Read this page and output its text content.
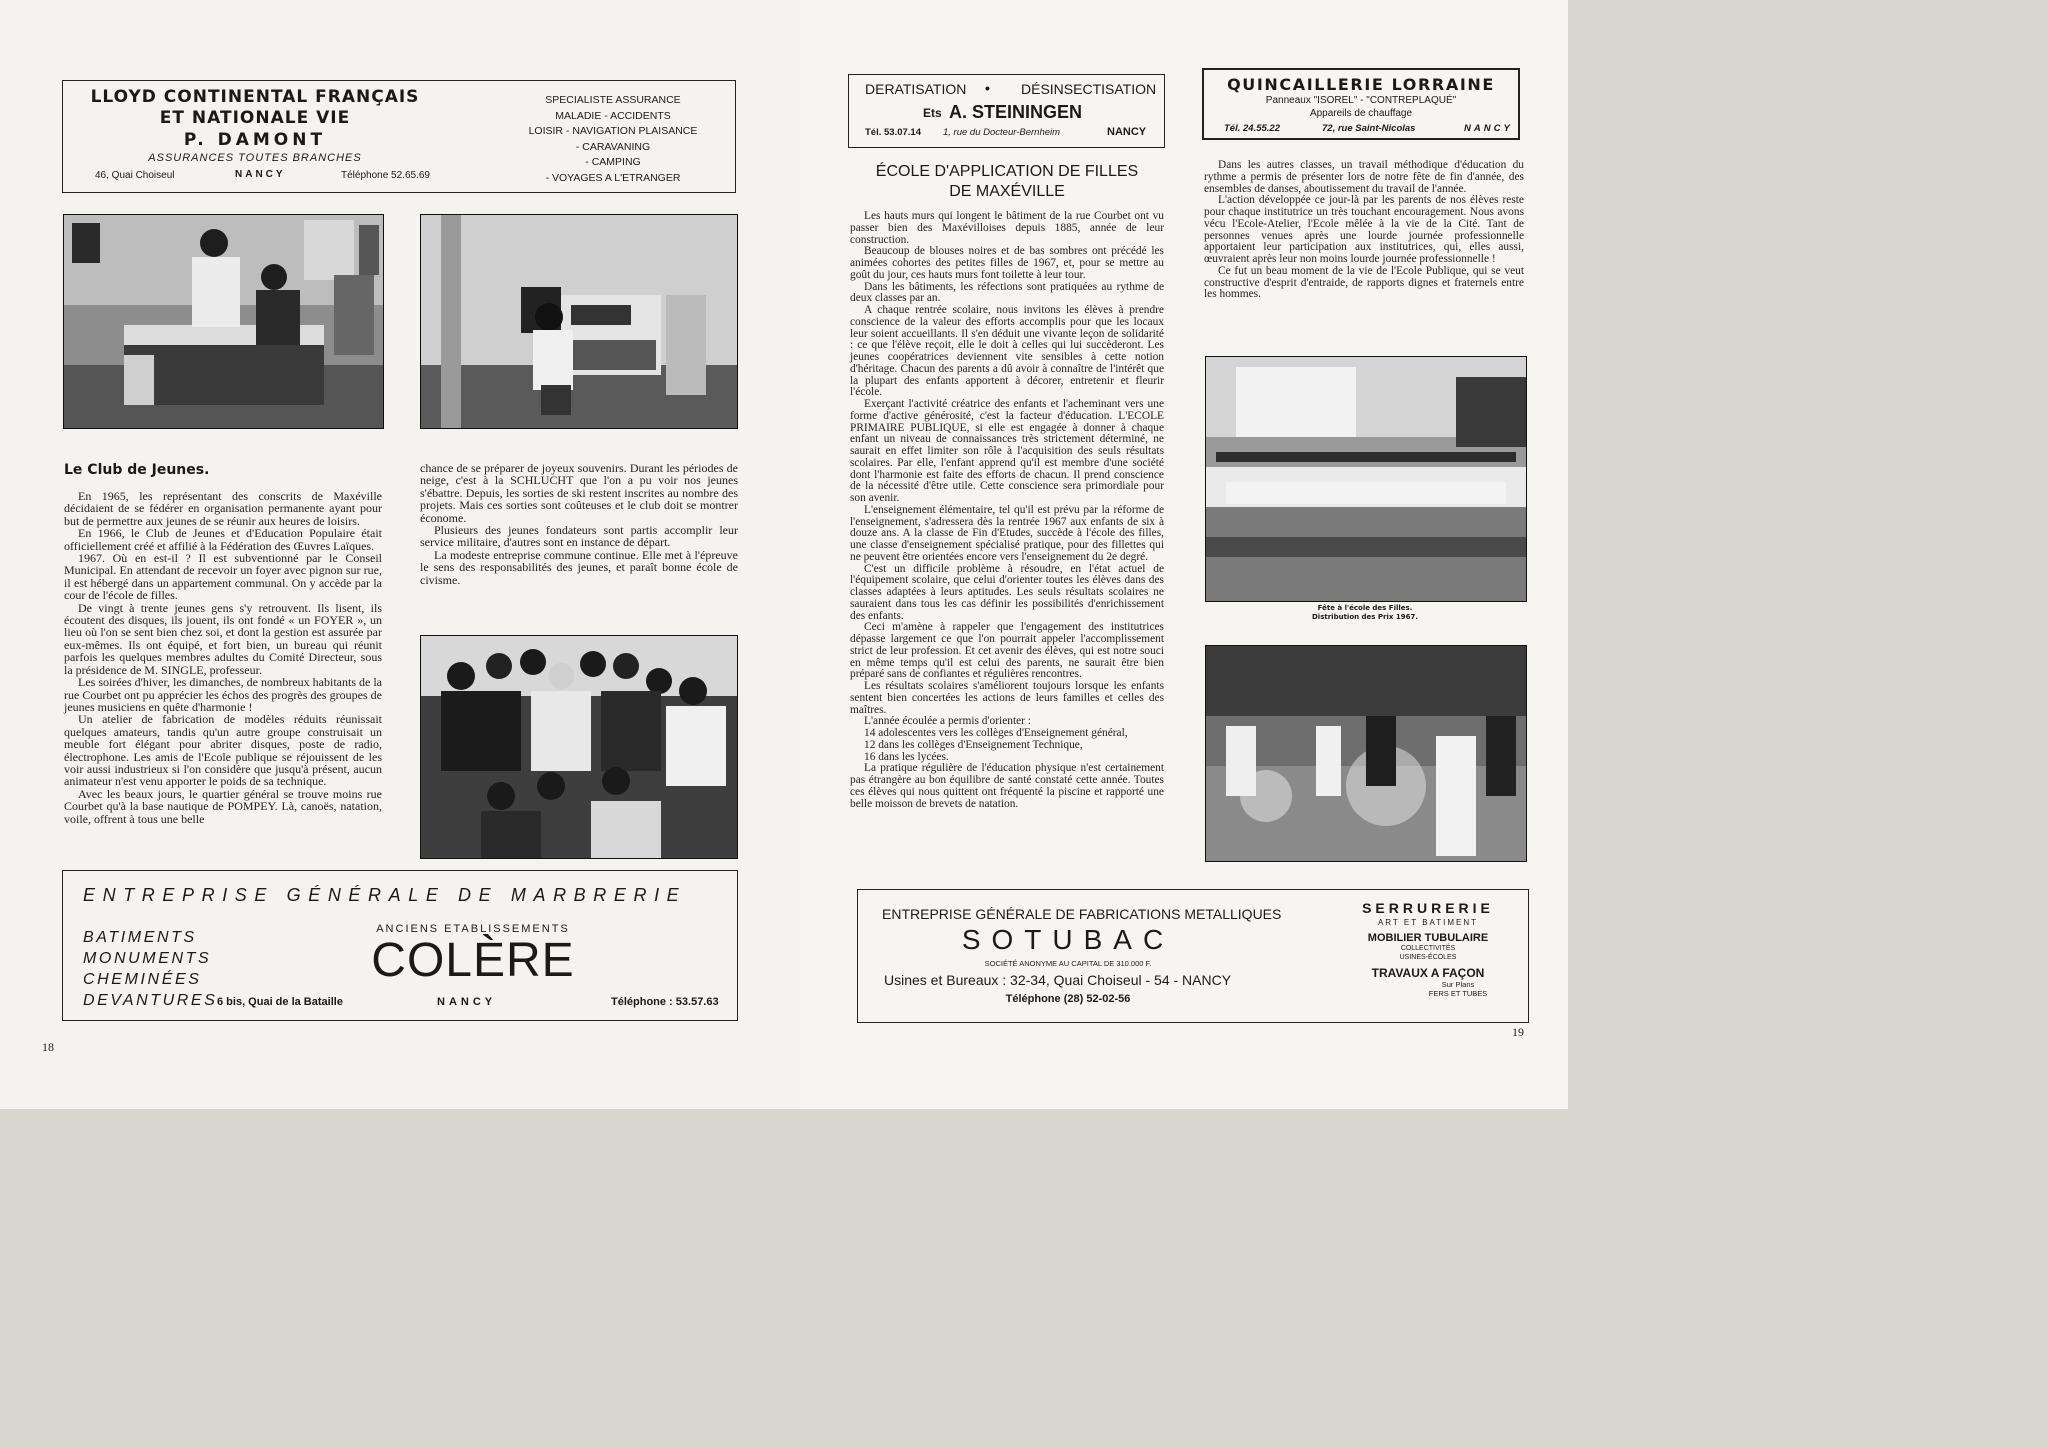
LLOYD CONTINENTAL FRANÇAIS
ET NATIONALE VIE
P. DAMONT
ASSURANCES TOUTES BRANCHES
46, Quai Choiseul	NANCY	Téléphone 52.65.69
SPECIALISTE ASSURANCE
MALADIE - ACCIDENTS
LOISIR - NAVIGATION PLAISANCE
- CARAVANING
- CAMPING
- VOYAGES A L'ETRANGER
Le Club de Jeunes.

En 1965, les représentant des conscrits de Maxéville décidaient de se fédérer en organisation permanente ayant pour but de permettre aux jeunes de se réunir aux heures de loisirs.

En 1966, le Club de Jeunes et d'Education Populaire était officiellement créé et affilié à la Fédération des Œuvres Laïques.

1967. Où en est-il ? Il est subventionné par le Conseil Municipal. En attendant de recevoir un foyer avec pignon sur rue, il est hébergé dans un appartement communal. On y accède par la cour de l'école de filles.

De vingt à trente jeunes gens s'y retrouvent. Ils lisent, ils écoutent des disques, ils jouent, ils ont fondé « un FOYER », un lieu où l'on se sent bien chez soi, et dont la gestion est assurée par eux-mêmes. Ils ont équipé, et fort bien, un bureau qui réunit parfois les quelques membres adultes du Comité Directeur, sous la présidence de M. SINGLE, professeur.

Les soirées d'hiver, les dimanches, de nombreux habitants de la rue Courbet ont pu apprécier les échos des progrès des groupes de jeunes musiciens en quête d'harmonie !

Un atelier de fabrication de modèles réduits réunissait quelques amateurs, tandis qu'un autre groupe construisait un meuble fort élégant pour abriter disques, poste de radio, électrophone. Les amis de l'Ecole publique se réjouissent de les voir aussi industrieux si l'on considère que jusqu'à présent, aucun animateur n'est venu apporter le poids de sa technique.

Avec les beaux jours, le quartier général se trouve moins rue Courbet qu'à la base nautique de POMPEY. Là, canoës, natation, voile, offrent à tous une belle

chance de se préparer de joyeux souvenirs. Durant les périodes de neige, c'est à la SCHLUCHT que l'on a pu voir nos jeunes s'ébattre. Depuis, les sorties de ski restent inscrites au nombre des projets. Mais ces sorties sont coûteuses et le club doit se montrer économe.

Plusieurs des jeunes fondateurs sont partis accomplir leur service militaire, d'autres sont en instance de départ.

La modeste entreprise commune continue. Elle met à l'épreuve le sens des responsabilités des jeunes, et paraît bonne école de civisme.

ENTREPRISE GÉNÉRALE DE MARBRERIE
BATIMENTS
MONUMENTS
CHEMINÉES
DEVANTURES
ANCIENS ETABLISSEMENTS
COLÈRE
6 bis, Quai de la Bataille	NANCY	Téléphone : 53.57.63
18
DERATISATION • DÉSINSECTISATION
Ets A. STEININGEN
Tél. 53.07.14 1, rue du Docteur-Bernheim	NANCY
QUINCAILLERIE LORRAINE
Panneaux "ISOREL" - "CONTREPLAQUÉ"
Appareils de chauffage
Tél. 24.55.22	72, rue Saint-Nicolas	NANCY
ÉCOLE D'APPLICATION DE FILLES
DE MAXÉVILLE

Les hauts murs qui longent le bâtiment de la rue Courbet ont vu passer bien des Maxévilloises depuis 1885, année de leur construction.

Beaucoup de blouses noires et de bas sombres ont précédé les animées cohortes des petites filles de 1967, et, pour se mettre au goût du jour, ces hauts murs font toilette à leur tour.

Dans les bâtiments, les réfections sont pratiquées au rythme de deux classes par an.

A chaque rentrée scolaire, nous invitons les élèves à prendre conscience de la valeur des efforts accomplis pour que les locaux leur soient accueillants. Il s'en déduit une vivante leçon de solidarité : ce que l'élève reçoit, elle le doit à celles qui lui succèderont. Les jeunes coopératrices deviennent vite sensibles à cette notion d'héritage. Chacun des parents a dû avoir à connaître de l'intérêt que la plupart des enfants apportent à décorer, entretenir et fleurir l'école.

Exerçant l'activité créatrice des enfants et l'acheminant vers une forme d'active générosité, c'est la facteur d'éducation. L'ECOLE PRIMAIRE PUBLIQUE, si elle est engagée à donner à chaque enfant un niveau de connaissances très strictement déterminé, ne saurait en effet limiter son rôle à l'acquisition des seuls résultats scolaires. Par elle, l'enfant apprend qu'il est membre d'une société dont l'harmonie est faite des efforts de chacun. Il prend conscience de la nécessité d'être utile. Cette conscience sera primordiale pour son avenir.

L'enseignement élémentaire, tel qu'il est prévu par la réforme de l'enseignement, s'adressera dès la rentrée 1967 aux enfants de six à douze ans. A la classe de Fin d'Etudes, succède à l'école des filles, une classe d'enseignement spécialisé pratique, pour des fillettes qui ne peuvent être orientées encore vers l'enseignement du 2e degré.

C'est un difficile problème à résoudre, en l'état actuel de l'équipement scolaire, que celui d'orienter toutes les élèves dans des classes adaptées à leurs aptitudes. Les seuls résultats scolaires ne sauraient dans tous les cas définir les possibilités d'enrichissement des enfants.

Ceci m'amène à rappeler que l'engagement des institutrices dépasse largement ce que l'on pourrait appeler l'accomplissement strict de leur profession. Et cet avenir des élèves, qui est notre souci en même temps qu'il est celui des parents, ne saurait être bien préparé sans de confiantes et régulières rencontres.

Les résultats scolaires s'améliorent toujours lorsque les enfants sentent bien concertées les actions de leurs familles et celles des maîtres.

L'année écoulée a permis d'orienter :

14 adolescentes vers les collèges d'Enseignement général,

12 dans les collèges d'Enseignement Technique,

16 dans les lycées.

La pratique régulière de l'éducation physique n'est certainement pas étrangère au bon équilibre de santé constaté cette année. Toutes ces élèves qui nous quittent ont fréquenté la piscine et rapporté une belle moisson de brevets de natation.

Dans les autres classes, un travail méthodique d'éducation du rythme a permis de présenter lors de notre fête de fin d'année, des ensembles de danses, aboutissement du travail de l'année.

L'action développée ce jour-là par les parents de nos élèves reste pour chaque institutrice un très touchant encouragement. Nous avons vécu l'Ecole-Atelier, l'Ecole mêlée à la vie de la Cité. Tant de personnes venues après une lourde journée professionnelle apportaient leur participation aux institutrices, qui, elles aussi, œuvraient après leur non moins lourde journée professionnelle !

Ce fut un beau moment de la vie de l'Ecole Publique, qui se veut constructive d'esprit d'entraide, de rapports dignes et fraternels entre les hommes.

Fête à l'école des Filles.
Distribution des Prix 1967.
ENTREPRISE GÉNÉRALE DE FABRICATIONS METALLIQUES
SOTUBAC
SOCIÉTÉ ANONYME AU CAPITAL DE 310.000 F.
Usines et Bureaux : 32-34, Quai Choiseul - 54 - NANCY
Téléphone (28) 52-02-56
SERRURERIE
ART ET BATIMENT
MOBILIER TUBULAIRE
COLLECTIVITÉS
USINES-ÉCOLES
TRAVAUX A FAÇON
Sur Plans
FERS ET TUBES
19
